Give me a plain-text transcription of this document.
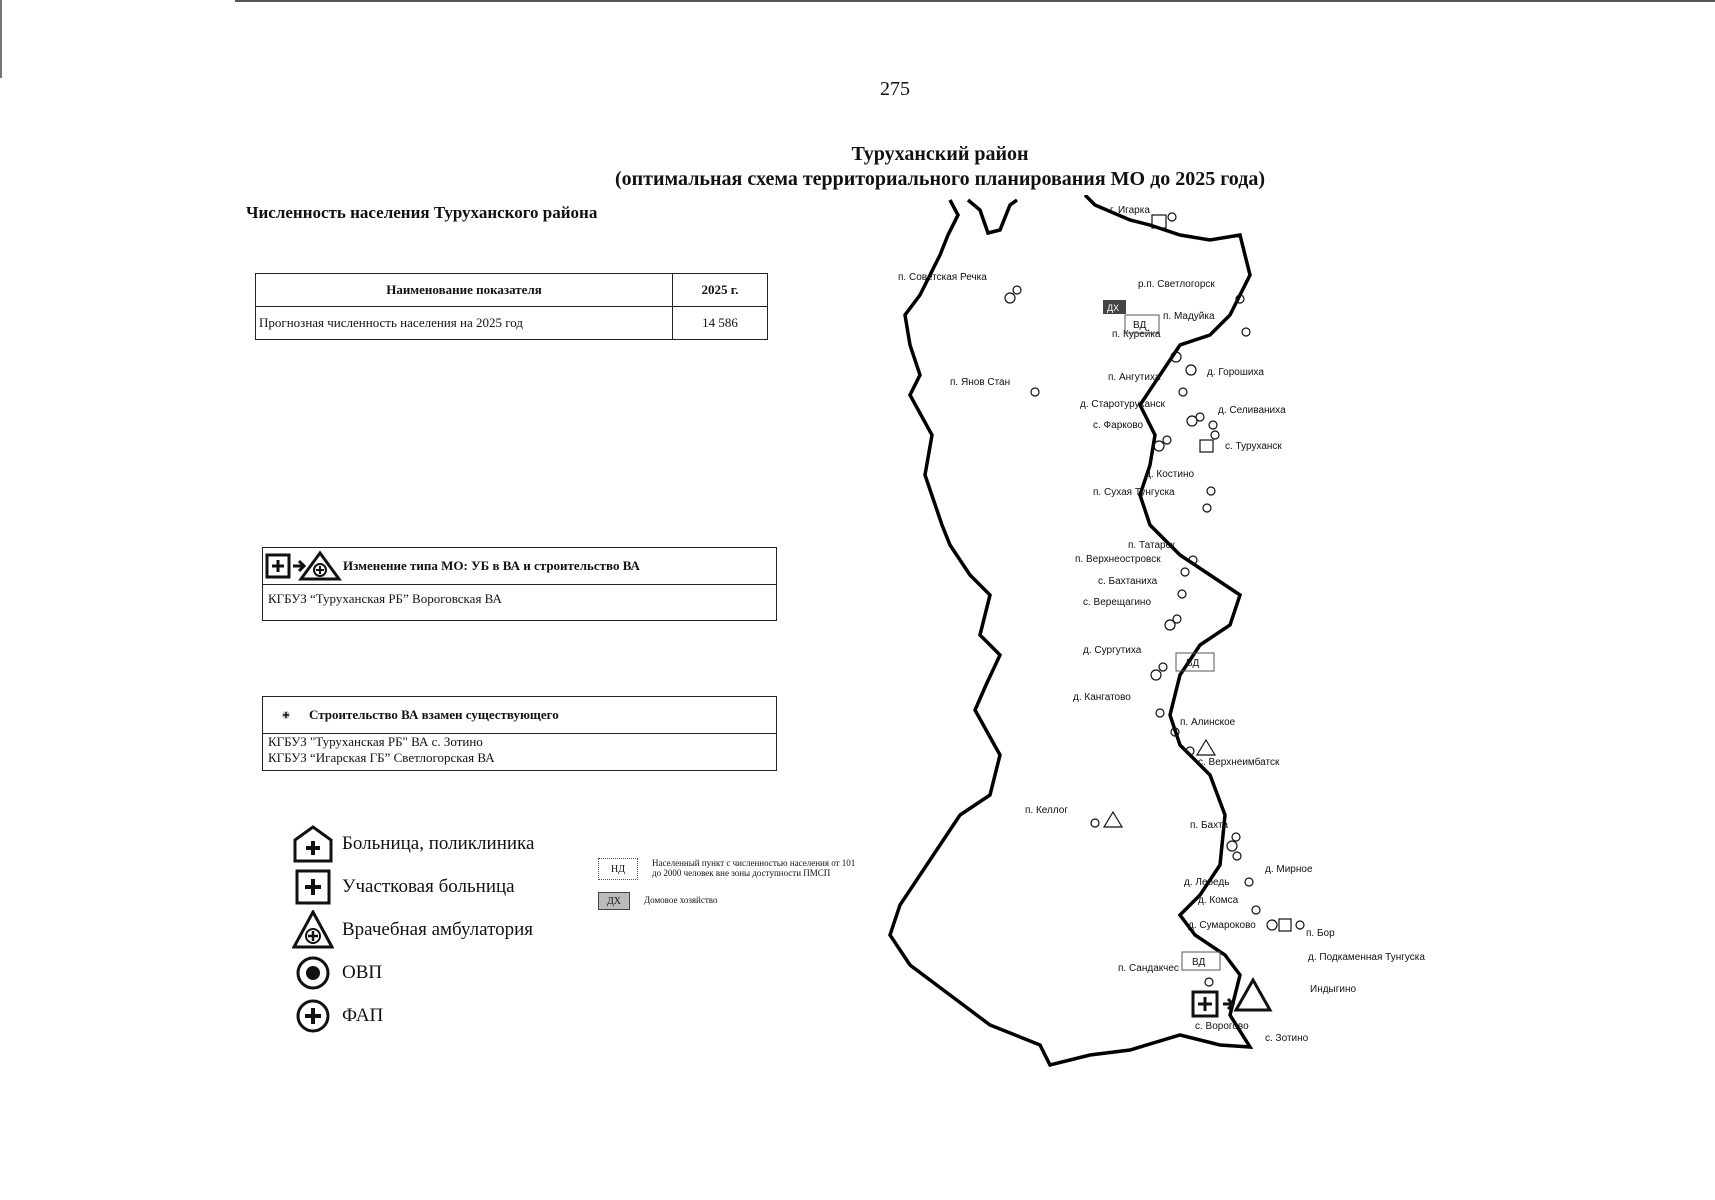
275
Туруханский район
(оптимальная схема территориального планирования МО до 2025 года)
Численность населения Туруханского района
Наименование показателя	2025 г.
Прогнозная численность населения на 2025 год	14 586
Изменение типа МО: УБ в ВА и строительство ВА
КГБУЗ “Туруханская РБ” Вороговская ВА
Строительство ВА взамен существующего
КГБУЗ "Туруханская РБ" ВА с. Зотино
КГБУЗ “Игарская ГБ” Светлогорская ВА
Больница, поликлиника
Участковая больница
Врачебная амбулатория
ОВП
ФАП
НД
Населенный пункт с численностью населения от 101 до 2000 человек вне зоны доступности ПМСП
ДХ	Домовое хозяйство
г. Игарка
п. Советская Речка
р.п. Светлогорск
п. Мадуйка
п. Курейка
д. Горошиха
п. Янов Стан	п. Ангутиха
д. Старотуруханск
д. Селиванихa
с. Фарково
с. Туруханск
д. Костино
п. Сухая Тунгуска
п. Татарск
п. Верхнеостровск
с. Бахтаниха
с. Верещагино
д. Сургутиха
д. Кангатово
п. Алинское
с. Верхнеимбатск
п. Келлог
п. Бахта
д. Мирное
д. Лебедь
д. Комса
д. Сумароково
п. Бор
д. Подкаменная Тунгуска
п. Сандакчес
Индыгино
с. Ворогово
с. Зотино
ДХ
ВД
ВД
ВД
